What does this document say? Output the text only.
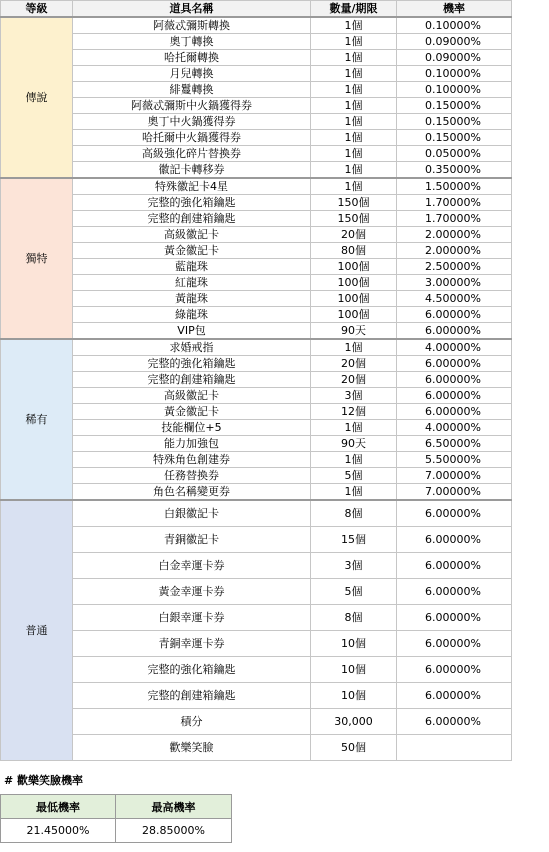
等級	道具名稱	數量/期限	機率
傳說	阿薇忒彌斯轉換	1個	0.10000%
	奧丁轉換	1個	0.09000%
	哈托爾轉換	1個	0.09000%
	月兒轉換	1個	0.10000%
	緋鬘轉換	1個	0.10000%
	阿薇忒彌斯中火鍋獲得券	1個	0.15000%
	奧丁中火鍋獲得券	1個	0.15000%
	哈托爾中火鍋獲得券	1個	0.15000%
	高級強化碎片替換券	1個	0.05000%
	徽記卡轉移券	1個	0.35000%
獨特	特殊徽記卡4星	1個	1.50000%
	完整的強化箱鑰匙	150個	1.70000%
	完整的創建箱鑰匙	150個	1.70000%
	高級徽記卡	20個	2.00000%
	黃金徽記卡	80個	2.00000%
	藍龍珠	100個	2.50000%
	紅龍珠	100個	3.00000%
	黃龍珠	100個	4.50000%
	綠龍珠	100個	6.00000%
	VIP包	90天	6.00000%
稀有	求婚戒指	1個	4.00000%
	完整的強化箱鑰匙	20個	6.00000%
	完整的創建箱鑰匙	20個	6.00000%
	高級徽記卡	3個	6.00000%
	黃金徽記卡	12個	6.00000%
	技能欄位+5	1個	4.00000%
	能力加強包	90天	6.50000%
	特殊角色創建券	1個	5.50000%
	任務替換券	5個	7.00000%
	角色名稱變更券	1個	7.00000%
普通	白銀徽記卡	8個	6.00000%
	青銅徽記卡	15個	6.00000%
	白金幸運卡券	3個	6.00000%
	黃金幸運卡券	5個	6.00000%
	白銀幸運卡券	8個	6.00000%
	青銅幸運卡券	10個	6.00000%
	完整的強化箱鑰匙	10個	6.00000%
	完整的創建箱鑰匙	10個	6.00000%
	積分	30,000	6.00000%
	歡樂笑臉	50個	

# 歡樂笑臉機率

最低機率	最高機率
21.45000%	28.85000%
